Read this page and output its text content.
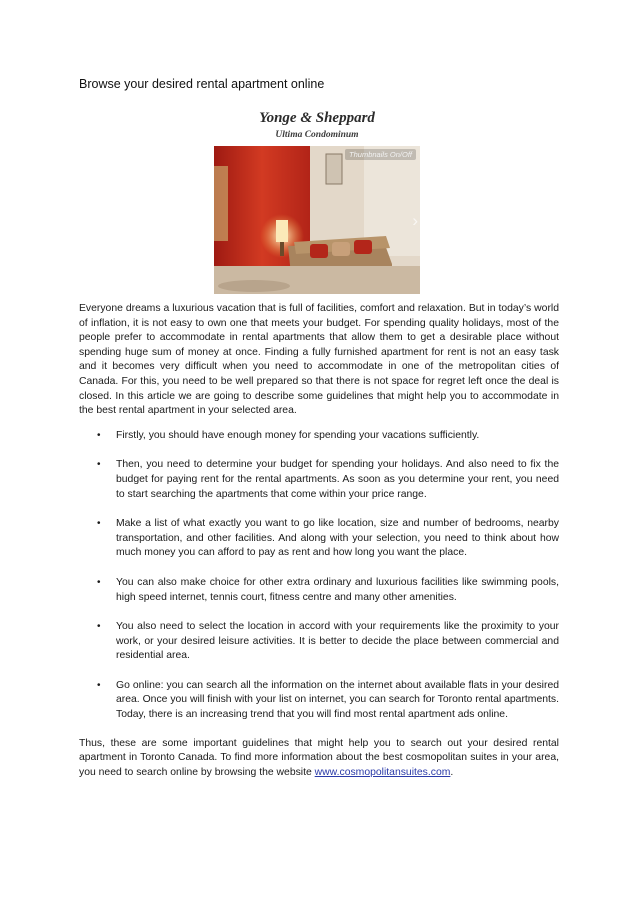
Browse your desired rental apartment online
Yonge & Sheppard
Ultima Condominum
Thumbnails On/Off
›

Everyone dreams a luxurious vacation that is full of facilities, comfort and relaxation. But in today’s world of inflation, it is not easy to own one that meets your budget. For spending quality holidays, most of the people prefer to accommodate in rental apartments that allow them to get a desirable place without spending huge sum of money at once. Finding a fully furnished apartment for rent is not an easy task and it becomes very difficult when you need to accommodate in one of the metropolitan cities of Canada. For this, you need to be well prepared so that there is not space for regret left once the deal is closed. In this article we are going to describe some guidelines that might help you to accommodate in the best rental apartment in your selected area.

• Firstly, you should have enough money for spending your vacations sufficiently.
• Then, you need to determine your budget for spending your holidays. And also need to fix the budget for paying rent for the rental apartments. As soon as you determine your rent, you need to start searching the apartments that come within your price range.
• Make a list of what exactly you want to go like location, size and number of bedrooms, nearby transportation, and other facilities. And along with your selection, you need to think about how much money you can afford to pay as rent and how long you want the place.
• You can also make choice for other extra ordinary and luxurious facilities like swimming pools, high speed internet, tennis court, fitness centre and many other amenities.
• You also need to select the location in accord with your requirements like the proximity to your work, or your desired leisure activities. It is better to decide the place between commercial and residential area.
• Go online: you can search all the information on the internet about available flats in your desired area. Once you will finish with your list on internet, you can search for Toronto rental apartments. Today, there is an increasing trend that you will find most rental apartment ads online.

Thus, these are some important guidelines that might help you to search out your desired rental apartment in Toronto Canada. To find more information about the best cosmopolitan suites in your area, you need to search online by browsing the website www.cosmopolitansuites.com.
